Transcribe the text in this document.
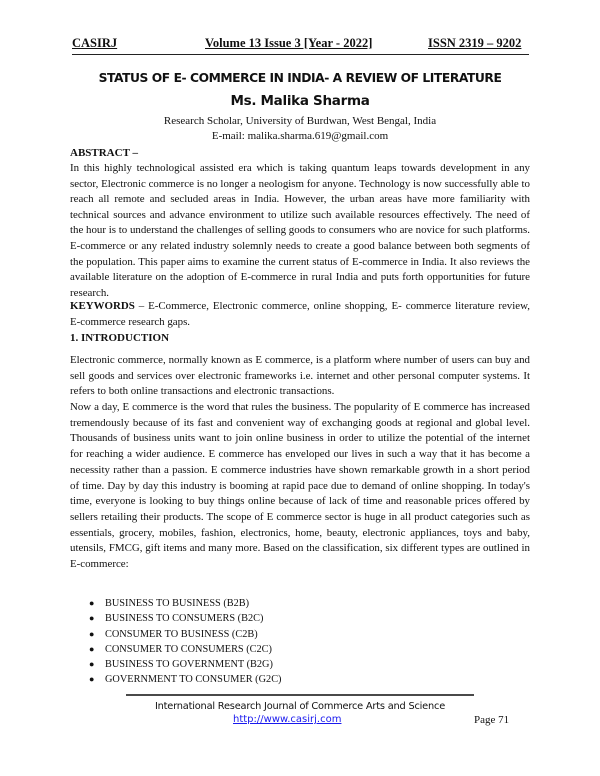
CASIRJ	Volume 13 Issue 3 [Year - 2022]	ISSN 2319 – 9202
STATUS OF E- COMMERCE IN INDIA- A REVIEW OF LITERATURE
Ms. Malika Sharma
Research Scholar, University of Burdwan, West Bengal, India
E-mail: malika.sharma.619@gmail.com
ABSTRACT –

In this highly technological assisted era which is taking quantum leaps towards development in any sector, Electronic commerce is no longer a neologism for anyone. Technology is now successfully able to reach all remote and secluded areas in India. However, the urban areas have more familiarity with technical sources and advance environment to utilize such available resources effectively. The need of the hour is to understand the challenges of selling goods to consumers who are novice for such platforms. E-commerce or any related industry solemnly needs to create a good balance between both segments of the population. This paper aims to examine the current status of E-commerce in India. It also reviews the available literature on the adoption of E-commerce in rural India and puts forth opportunities for future research.

KEYWORDS – E-Commerce, Electronic commerce, online shopping, E- commerce literature review, E-commerce research gaps.

1. INTRODUCTION

Electronic commerce, normally known as E commerce, is a platform where number of users can buy and sell goods and services over electronic frameworks i.e. internet and other personal computer systems. It refers to both online transactions and electronic transactions.

Now a day, E commerce is the word that rules the business. The popularity of E commerce has increased tremendously because of its fast and convenient way of exchanging goods at regional and global level. Thousands of business units want to join online business in order to utilize the potential of the internet for reaching a wider audience. E commerce has enveloped our lives in such a way that it has become a necessity rather than a passion. E commerce industries have shown remarkable growth in a short period of time. Day by day this industry is booming at rapid pace due to demand of online shopping. In today's time, everyone is looking to buy things online because of lack of time and reasonable prices offered by sellers retailing their products. The scope of E commerce sector is huge in all product categories such as essentials, grocery, mobiles, fashion, electronics, home, beauty, electronic appliances, toys and baby, utensils, FMCG, gift items and many more. Based on the classification, six different types are outlined in E-commerce:

● BUSINESS TO BUSINESS (B2B)
● BUSINESS TO CONSUMERS (B2C)
● CONSUMER TO BUSINESS (C2B)
● CONSUMER TO CONSUMERS (C2C)
● BUSINESS TO GOVERNMENT (B2G)
● GOVERNMENT TO CONSUMER (G2C)
International Research Journal of Commerce Arts and Science
http://www.casirj.com	Page 71
